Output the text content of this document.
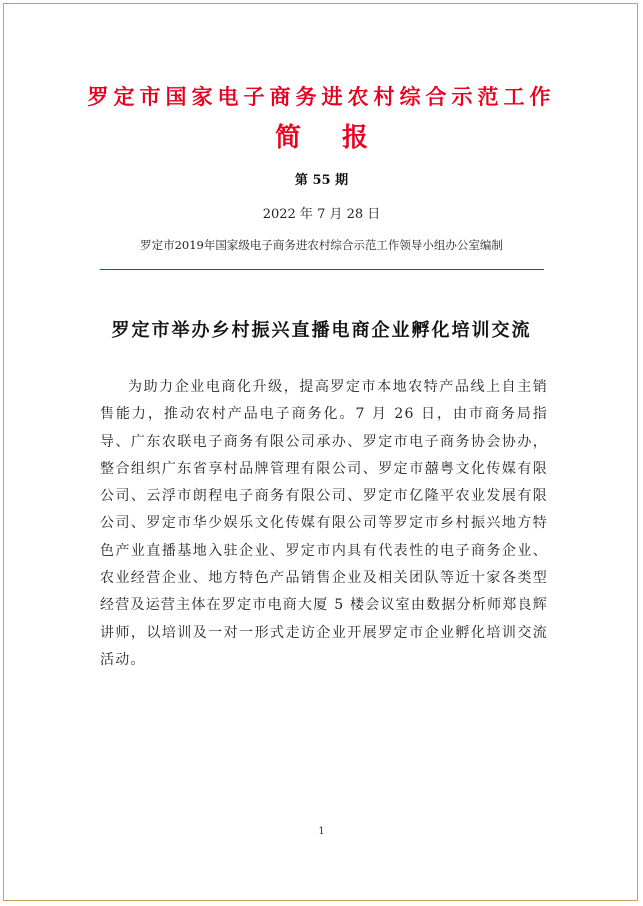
罗定市国家电子商务进农村综合示范工作
简 报
第 55 期
2022 年 7 月 28 日
罗定市2019年国家级电子商务进农村综合示范工作领导小组办公室编制
罗定市举办乡村振兴直播电商企业孵化培训交流

为助力企业电商化升级，提高罗定市本地农特产品线上自主销售能力，推动农村产品电子商务化。7 月 26 日，由市商务局指导、广东农联电子商务有限公司承办、罗定市电子商务协会协办，整合组织广东省享村品牌管理有限公司、罗定市囍粤文化传媒有限公司、云浮市朗程电子商务有限公司、罗定市亿隆平农业发展有限公司、罗定市华少娱乐文化传媒有限公司等罗定市乡村振兴地方特色产业直播基地入驻企业、罗定市内具有代表性的电子商务企业、农业经营企业、地方特色产品销售企业及相关团队等近十家各类型经营及运营主体在罗定市电商大厦 5 楼会议室由数据分析师郑良辉讲师，以培训及一对一形式走访企业开展罗定市企业孵化培训交流活动。

1
